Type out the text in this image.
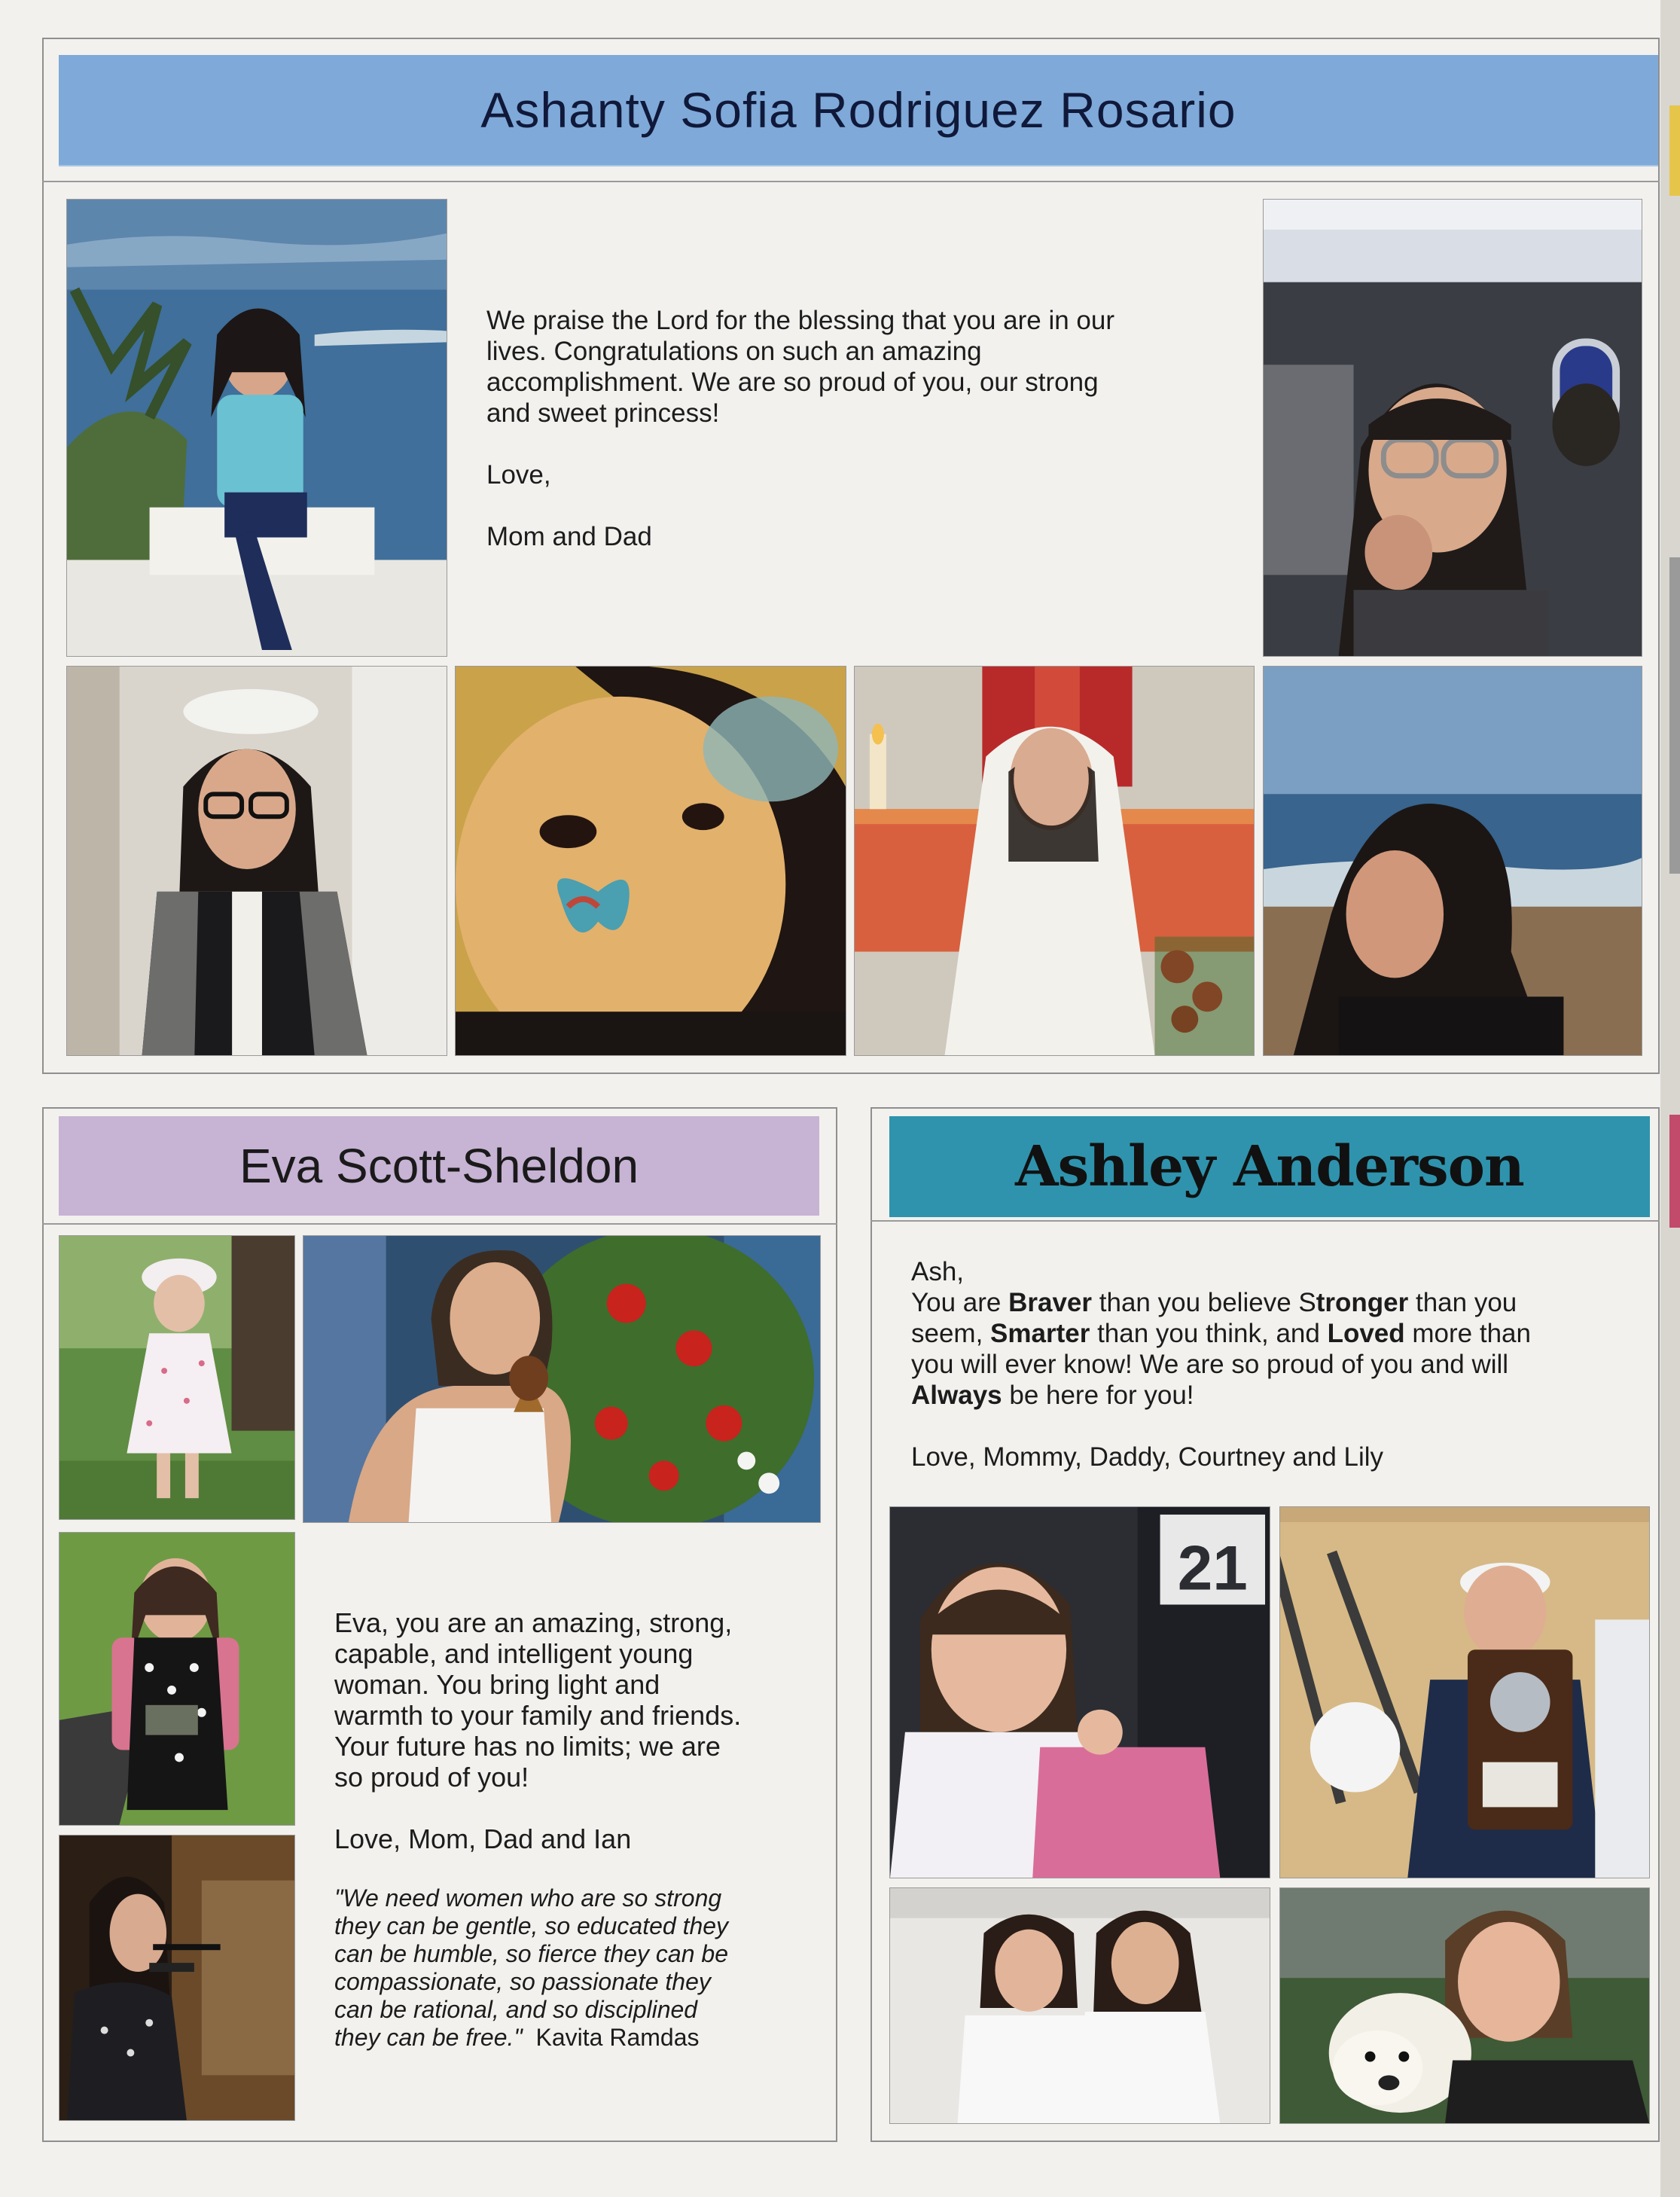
Ashanty Sofia Rodriguez Rosario

We praise the Lord for the blessing that you are in our

lives. Congratulations on such an amazing

accomplishment. We are so proud of you, our strong

and sweet princess!

Love,

Mom and Dad

Eva Scott-Sheldon

Eva, you are an amazing, strong,

capable, and intelligent young

woman. You bring light and

warmth to your family and friends.

Your future has no limits; we are

so proud of you!

Love, Mom, Dad and Ian

"We need women who are so strong

they can be gentle, so educated they

can be humble, so fierce they can be

compassionate, so passionate they

can be rational, and so disciplined

they can be free." Kavita Ramdas

Ashley Anderson

Ash,

You are Braver than you believe Stronger than you

seem, Smarter than you think, and Loved more than

you will ever know! We are so proud of you and will

Always be here for you!

Love, Mommy, Daddy, Courtney and Lily

21
